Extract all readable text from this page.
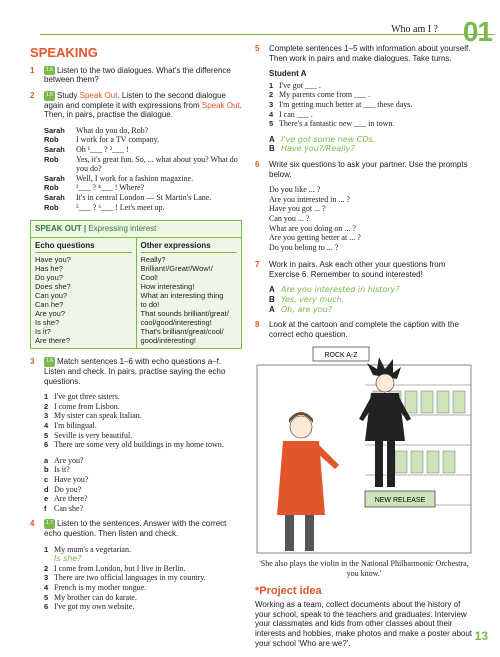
Who am I ? 01
SPEAKING
1	1.5 Listen to the two dialogues. What's the difference between them?
2	1.5 Study Speak Out. Listen to the second dialogue again and complete it with expressions from Speak Out. Then, in pairs, practise the dialogue.
Sarah	What do you do, Rob?
Rob	I work for a TV company.
Sarah	Oh ¹___ ? ²___ !
Rob	Yes, it's great fun. So, ... what about you? What do you do?
Sarah	Well, I work for a fashion magazine.
Rob	³___ ? ⁴___ ! Where?
Sarah	It's in central London — St Martin's Lane.
Rob	⁵___ ? ⁶___ ! Let's meet up.
SPEAK OUT | Expressing interest
Echo questions
Have you?
Has he?
Do you?
Does she?
Can you?
Can he?
Are you?
Is she?
Is it?
Are there?
Other expressions
Really?
Brilliant!/Great!/Wow!/
Cool!
How interesting!
What an interesting thing
to do!
That sounds brilliant/great/
cool/good/interesting!
That's brilliant/great/cool/
good/interesting!
3	1.6 Match sentences 1–6 with echo questions a–f. Listen and check. In pairs, practise saying the echo questions.
1 I've got three sisters.
2 I come from Lisbon.
3 My sister can speak Italian.
4 I'm bilingual.
5 Seville is very beautiful.
6 There are some very old buildings in my home town.
a Are you?
b Is it?
c Have you?
d Do you?
e Are there?
f Can she?
4	1.7 Listen to the sentences. Answer with the correct echo question. Then listen and check.
1 My mum's a vegetarian.
Is she?
2 I come from London, but I live in Berlin.
3 There are two official languages in my country.
4 French is my mother tongue.
5 My brother can do karate.
6 I've got my own website.
5	Complete sentences 1–5 with information about yourself. Then work in pairs and make dialogues. Take turns.
Student A
1 I've got ___ .
2 My parents come from ___ .
3 I'm getting much better at ___ these days.
4 I can ___ .
5 There's a fantastic new ___ in town.
A I've got some new CDs.
B Have you?/Really?
6	Write six questions to ask your partner. Use the prompts below.
Do you like ... ?
Are you interested in ... ?
Have you got ... ?
Can you ... ?
What are you doing on ... ?
Are you getting better at ... ?
Do you belong to ... ?
7	Work in pairs. Ask each other your questions from Exercise 6. Remember to sound interested!
A Are you interested in history?
B Yes, very much.
A Oh, are you?
8	Look at the cartoon and complete the caption with the correct echo question.
ROCK A-Z
NEW RELEASE
'She also plays the violin in the National Philharmonic Orchestra, you know.'
*Project idea
Working as a team, collect documents about the history of your school, speak to the teachers and graduates. Interview your classmates and kids from other classes about their interests and hobbies, make photos and make a poster about your school 'Who are we?'.
13
